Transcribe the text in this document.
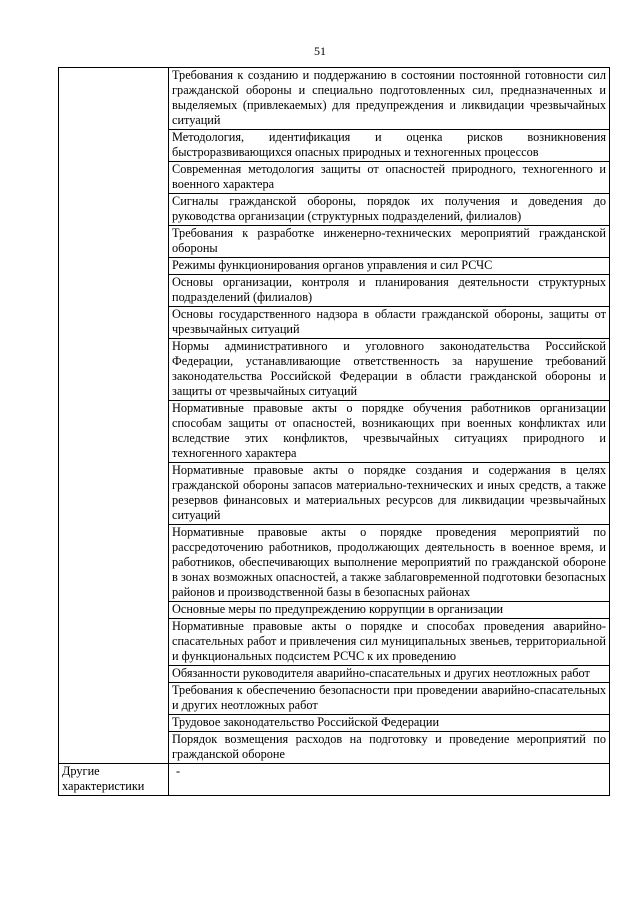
51
	Требования к созданию и поддержанию в состоянии постоянной готовности сил гражданской обороны и специально подготовленных сил, предназначенных и выделяемых (привлекаемых) для предупреждения и ликвидации чрезвычайных ситуаций
	Методология, идентификация и оценка рисков возникновения быстроразвивающихся опасных природных и техногенных процессов
	Современная методология защиты от опасностей природного, техногенного и военного характера
	Сигналы гражданской обороны, порядок их получения и доведения до руководства организации (структурных подразделений, филиалов)
	Требования к разработке инженерно-технических мероприятий гражданской обороны
	Режимы функционирования органов управления и сил РСЧС
	Основы организации, контроля и планирования деятельности структурных подразделений (филиалов)
	Основы государственного надзора в области гражданской обороны, защиты от чрезвычайных ситуаций
	Нормы административного и уголовного законодательства Российской Федерации, устанавливающие ответственность за нарушение требований законодательства Российской Федерации в области гражданской обороны и защиты от чрезвычайных ситуаций
	Нормативные правовые акты о порядке обучения работников организации способам защиты от опасностей, возникающих при военных конфликтах или вследствие этих конфликтов, чрезвычайных ситуациях природного и техногенного характера
	Нормативные правовые акты о порядке создания и содержания в целях гражданской обороны запасов материально-технических и иных средств, а также резервов финансовых и материальных ресурсов для ликвидации чрезвычайных ситуаций
	Нормативные правовые акты о порядке проведения мероприятий по рассредоточению работников, продолжающих деятельность в военное время, и работников, обеспечивающих выполнение мероприятий по гражданской обороне в зонах возможных опасностей, а также заблаговременной подготовки безопасных районов и производственной базы в безопасных районах
	Основные меры по предупреждению коррупции в организации
	Нормативные правовые акты о порядке и способах проведения аварийно-спасательных работ и привлечения сил муниципальных звеньев, территориальной и функциональных подсистем РСЧС к их проведению
	Обязанности руководителя аварийно-спасательных и других неотложных работ
	Требования к обеспечению безопасности при проведении аварийно-спасательных и других неотложных работ
	Трудовое законодательство Российской Федерации
	Порядок возмещения расходов на подготовку и проведение мероприятий по гражданской обороне
Другие характеристики	-
